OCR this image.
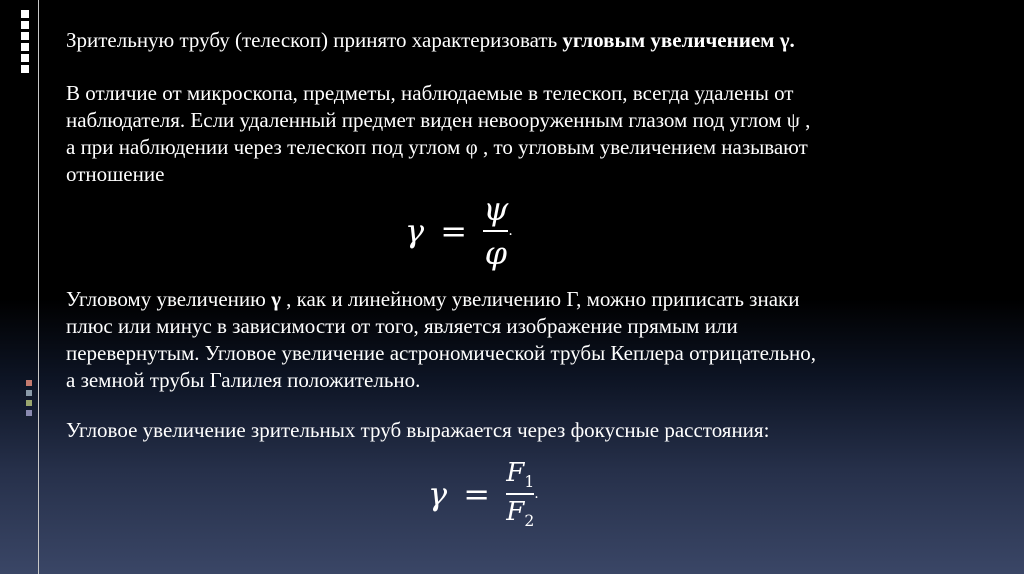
Зрительную трубу (телескоп) принято характеризовать угловым увеличением γ.
В отличие от микроскопа, предметы, наблюдаемые в телескоп, всегда удалены от
наблюдателя. Если удаленный предмет виден невооруженным глазом под углом ψ ,
а при наблюдении через телескоп под углом φ , то угловым увеличением называют
отношение
$\gamma = \frac{\psi}{\varphi}$ .
Угловому увеличению γ , как и линейному увеличению Г, можно приписать знаки
плюс или минус в зависимости от того, является изображение прямым или
перевернутым. Угловое увеличение астрономической трубы Кеплера отрицательно,
а земной трубы Галилея положительно.
Угловое увеличение зрительных труб выражается через фокусные расстояния:
$\gamma = \frac{F_1}{F_2}$ .
